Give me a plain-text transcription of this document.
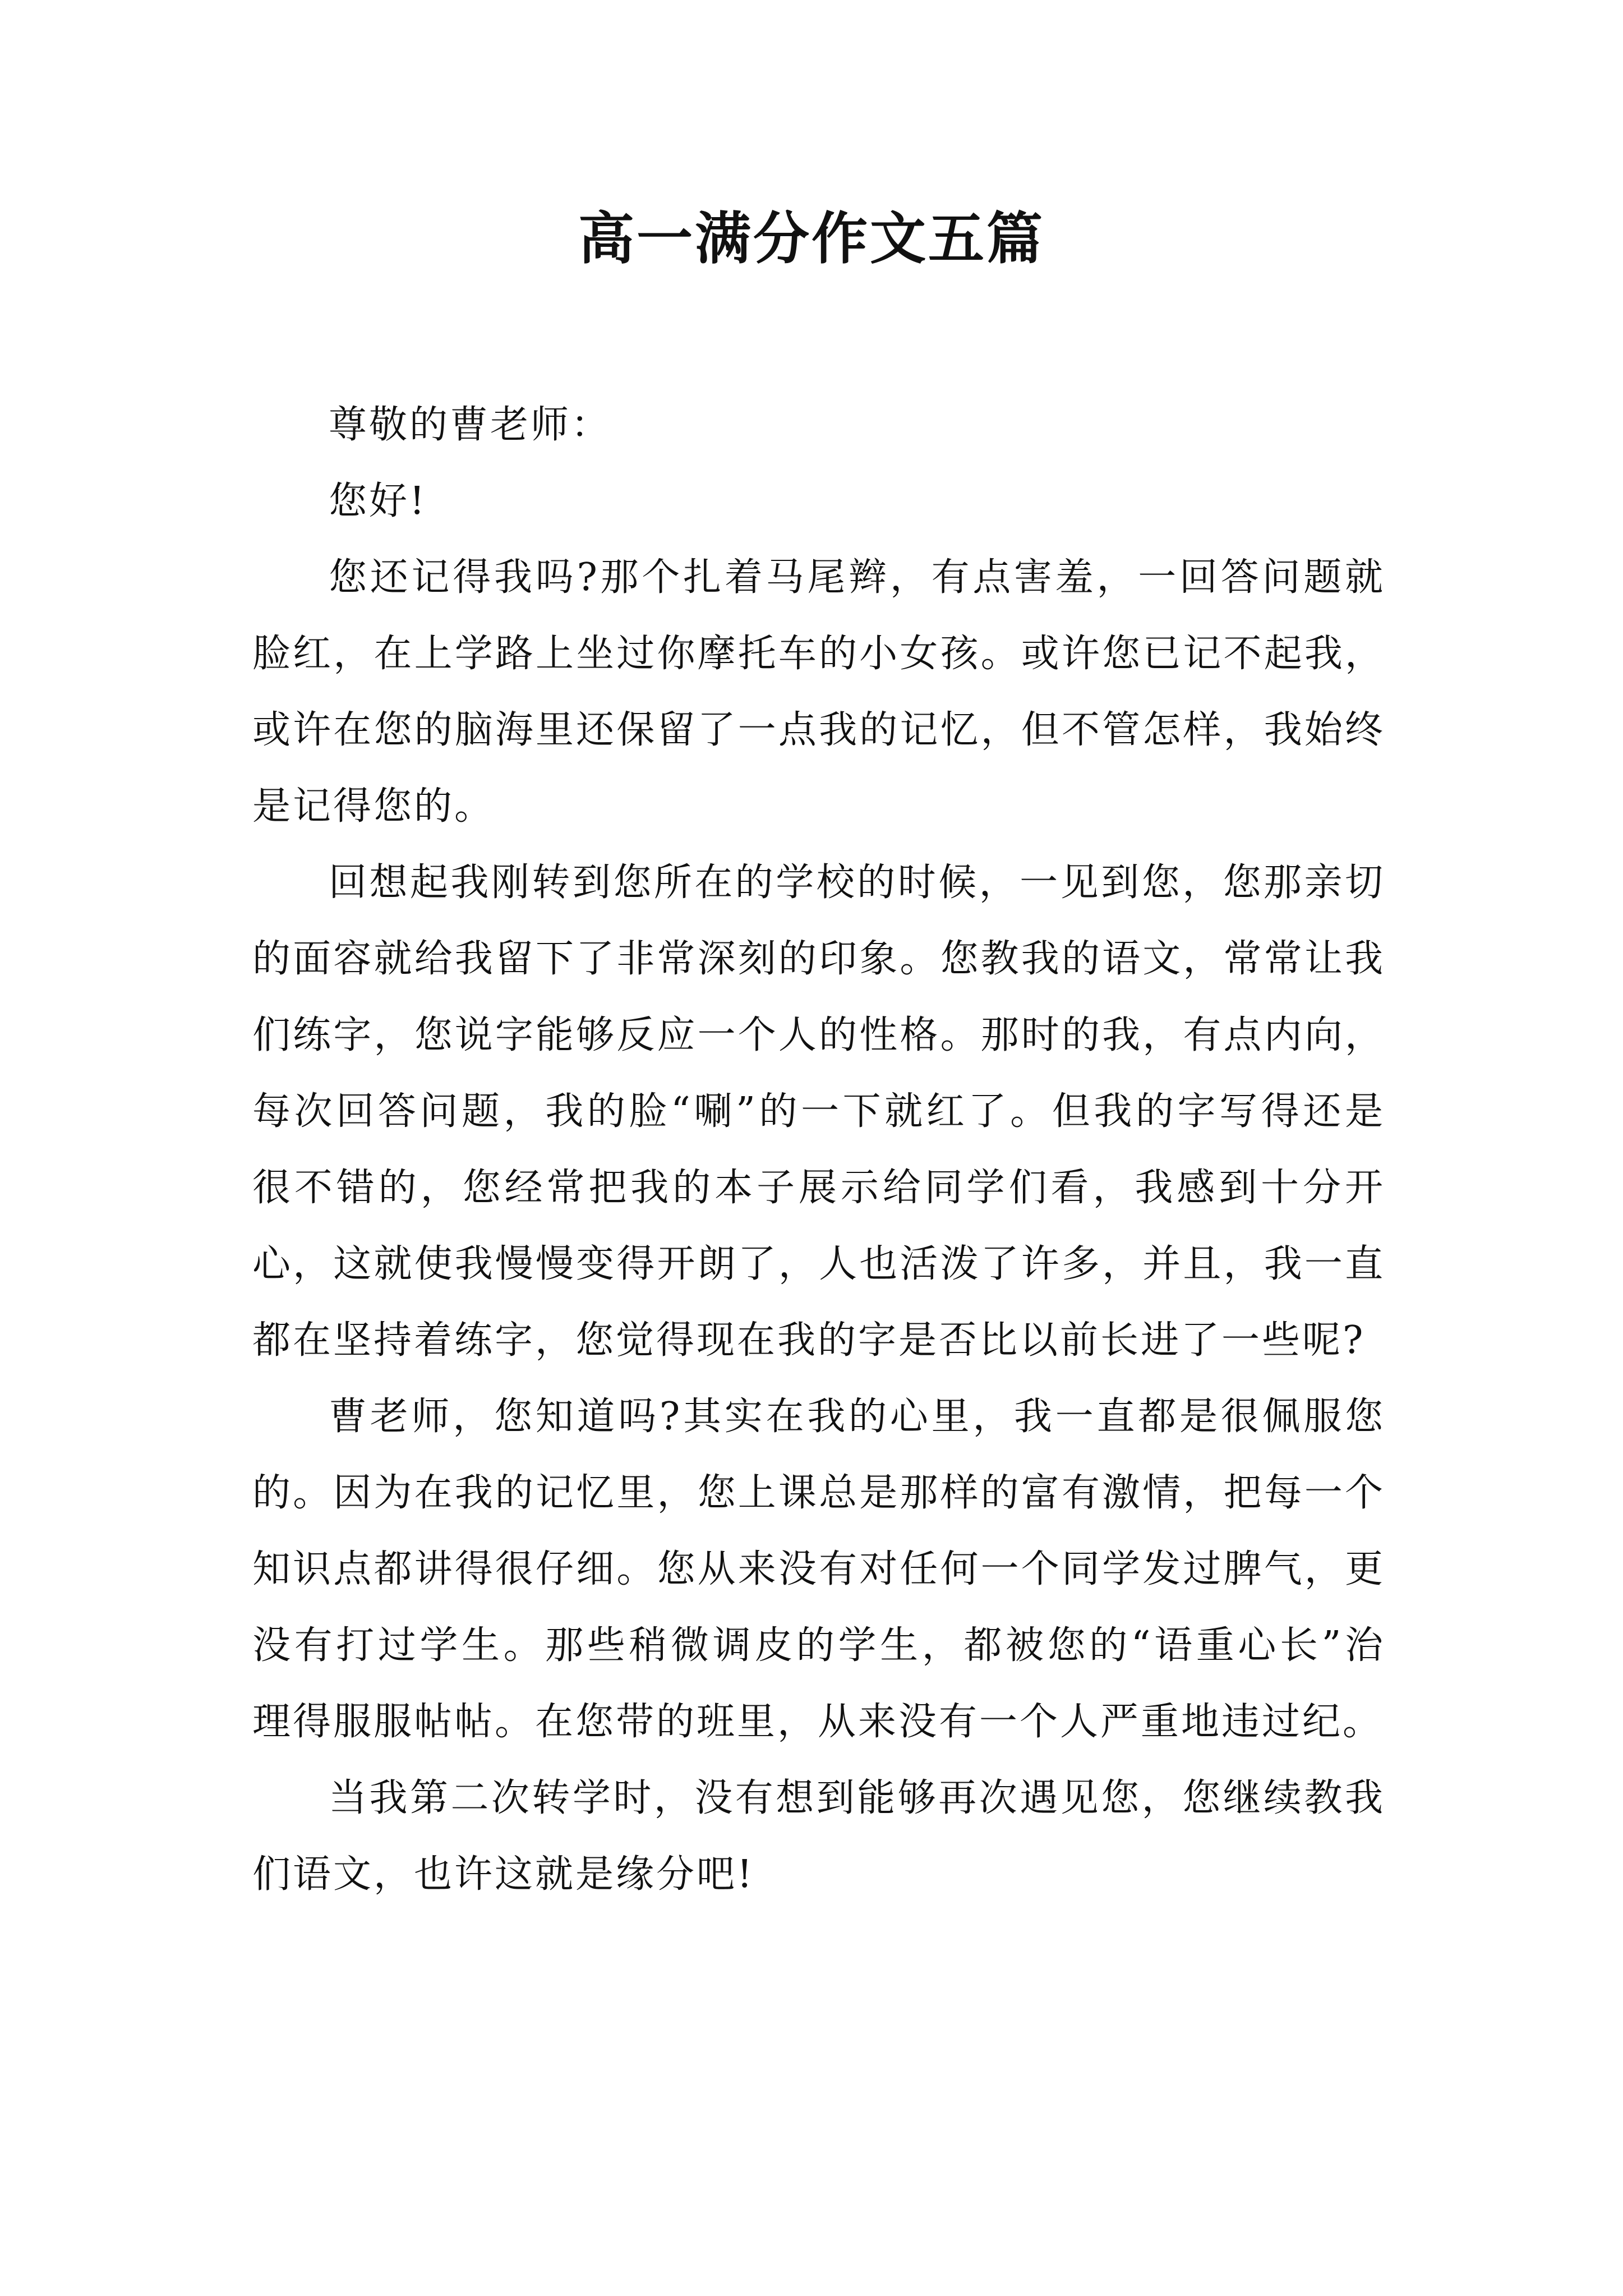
高一满分作文五篇

尊敬的曹老师：

您好!

您还记得我吗?那个扎着马尾辫，有点害羞，一回答问题就脸红，在上学路上坐过你摩托车的小女孩。或许您已记不起我，或许在您的脑海里还保留了一点我的记忆，但不管怎样，我始终是记得您的。

回想起我刚转到您所在的学校的时候，一见到您，您那亲切的面容就给我留下了非常深刻的印象。您教我的语文，常常让我们练字，您说字能够反应一个人的性格。那时的我，有点内向，每次回答问题，我的脸“唰”的一下就红了。但我的字写得还是很不错的，您经常把我的本子展示给同学们看，我感到十分开心，这就使我慢慢变得开朗了，人也活泼了许多，并且，我一直都在坚持着练字，您觉得现在我的字是否比以前长进了一些呢?

曹老师，您知道吗?其实在我的心里，我一直都是很佩服您的。因为在我的记忆里，您上课总是那样的富有激情，把每一个知识点都讲得很仔细。您从来没有对任何一个同学发过脾气，更没有打过学生。那些稍微调皮的学生，都被您的“语重心长”治理得服服帖帖。在您带的班里，从来没有一个人严重地违过纪。

当我第二次转学时，没有想到能够再次遇见您，您继续教我们语文，也许这就是缘分吧!
